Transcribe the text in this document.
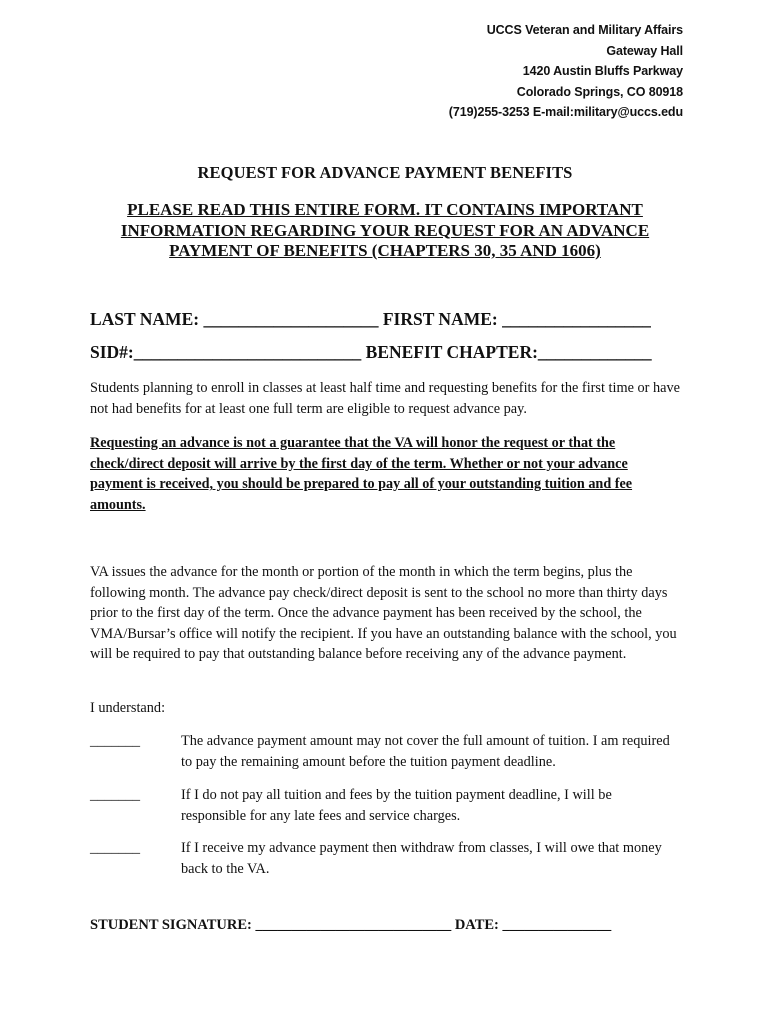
UCCS Veteran and Military Affairs
Gateway Hall
1420 Austin Bluffs Parkway
Colorado Springs, CO 80918
(719)255-3253 E-mail:military@uccs.edu
REQUEST FOR ADVANCE PAYMENT BENEFITS
PLEASE READ THIS ENTIRE FORM. IT CONTAINS IMPORTANT INFORMATION REGARDING YOUR REQUEST FOR AN ADVANCE PAYMENT OF BENEFITS (CHAPTERS 30, 35 AND 1606)
LAST NAME: ____________________ FIRST NAME: _________________
SID#:__________________________ BENEFIT CHAPTER:_____________
Students planning to enroll in classes at least half time and requesting benefits for the first time or have not had benefits for at least one full term are eligible to request advance pay.
Requesting an advance is not a guarantee that the VA will honor the request or that the check/direct deposit will arrive by the first day of the term. Whether or not your advance payment is received, you should be prepared to pay all of your outstanding tuition and fee amounts.
VA issues the advance for the month or portion of the month in which the term begins, plus the following month. The advance pay check/direct deposit is sent to the school no more than thirty days prior to the first day of the term. Once the advance payment has been received by the school, the VMA/Bursar’s office will notify the recipient. If you have an outstanding balance with the school, you will be required to pay that outstanding balance before receiving any of the advance payment.
I understand:
_______	The advance payment amount may not cover the full amount of tuition. I am required to pay the remaining amount before the tuition payment deadline.
_______	If I do not pay all tuition and fees by the tuition payment deadline, I will be responsible for any late fees and service charges.
_______	If I receive my advance payment then withdraw from classes, I will owe that money back to the VA.
STUDENT SIGNATURE: ___________________________ DATE: _______________
